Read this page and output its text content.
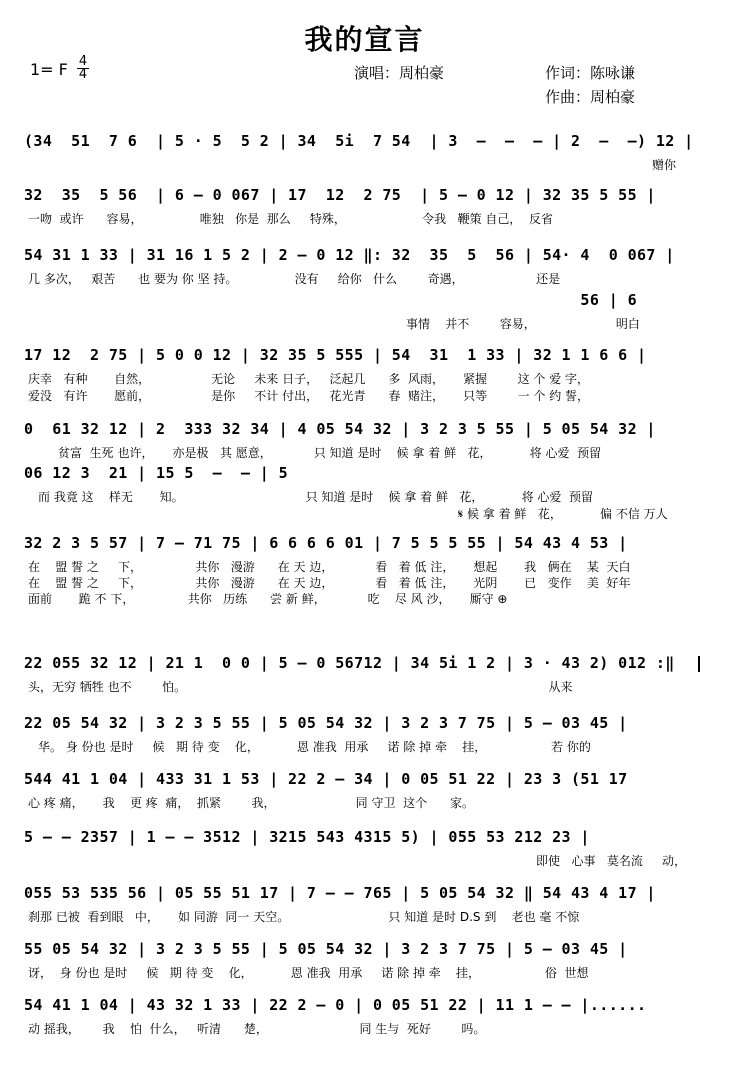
我的宣言
1= F 4
4	演唱：周柏豪	作词：陈咏谦
作曲：周柏豪
(34  51  7 6  | 5 · 5  5 2 | 34  5i  7 54  | 3  –  –  – | 2  –  –) 12 |
赠你
32  35  5 56  | 6 – 0 067 | 17  12  2 75  | 5 – 0 12 | 32 35 5 55 |
一吻  或许      容易，               唯独   你是  那么     特殊，                    令我   鞭策 自己，  反省
54 31 1 33 | 31 16 1 5 2 | 2 – 0 12 ‖: 32  35  5  56 | 54· 4  0 067 |
几 多次，   艰苦      也 要为 你 坚 持。               没有     给你   什么        奇遇，                   还是
56 | 6
事情    并不        容易，                     明白
17 12  2 75 | 5 0 0 12 | 32 35 5 555 | 54  31  1 33 | 32 1 1 6 6 |
庆幸   有种       自然，                无论     未来 日子，   泛起几      多  风雨，     紧握        这 个 爱 字，
爱没   有许       愿前，                是你     不计 付出，   花光青      春  赌注，     只等        一 个 约 誓，
0  61 32 12 | 2  333 32 34 | 4 05 54 32 | 3 2 3 5 55 | 5 05 54 32 |
贫富  生死 也许，     亦是极   其 愿意，           只 知道 是时    候 拿 着 鲜   花，          将 心爱  预留
06 12 3  21 | 15 5  –  – | 5
而 我竟 这    样无       知。                                只 知道 是时    候 拿 着 鲜   花，          将 心爱  预留
𝄋 候 拿 着 鲜   花，          偏 不信 万人
32 2 3 5 57 | 7 – 71 75 | 6 6 6 6 01 | 7 5 5 5 55 | 54 43 4 53 |
在    盟 誓 之     下，              共你   漫游      在 天 边，           看   着 低 注，     想起       我   俩在    某  天白
在    盟 誓 之     下，              共你   漫游      在 天 边，           看   着 低 注，     光阴       已   变作    美  好年
面前       跪 不 下，              共你   历练      尝 新 鲜，           吃    尽 风 沙，     厮守 ⊕
22 055 32 12 | 21 1  0 0 | 5 – 0 56712 | 34 5i 1 2 | 3 · 43 2) 012 :‖
头，无穷 牺牲 也不        怕。                                                                                               从来
22 05 54 32 | 3 2 3 5 55 | 5 05 54 32 | 3 2 3 7 75 | 5 – 03 45 |
华。 身 份也 是时     候   期 待 变    化，          恩 准我  用承     诺 除 掉 牵    挂，                 若 你的
544 41 1 04 | 433 31 1 53 | 22 2 – 34 | 0 05 51 22 | 23 3 (51 17
心 疼 痛，     我    更 疼  痛，  抓紧        我，                     同 守卫  这个      家。
5 – – 2357 | 1 – – 3512 | 3215 543 4315 5) | 055 53 212 23 |
即使   心事   莫名流     动，
055 53 535 56 | 05 55 51 17 | 7 – – 765 | 5 05 54 32 ‖ 54 43 4 17 |
刹那 已被  看到眼   中，     如 同游  同一 天空。                          只 知道 是时 D.S 到    老也 毫 不惊
55 05 54 32 | 3 2 3 5 55 | 5 05 54 32 | 3 2 3 7 75 | 5 – 03 45 |
讶，  身 份也 是时     候   期 待 变    化，          恩 准我  用承     诺 除 掉 牵    挂，                 俗  世想
54 41 1 04 | 43 32 1 33 | 22 2 – 0 | 0 05 51 22 | 11 1 – – |......
动 摇我，      我    怕  什么，   听清      楚，                        同 生与  死好        吗。
